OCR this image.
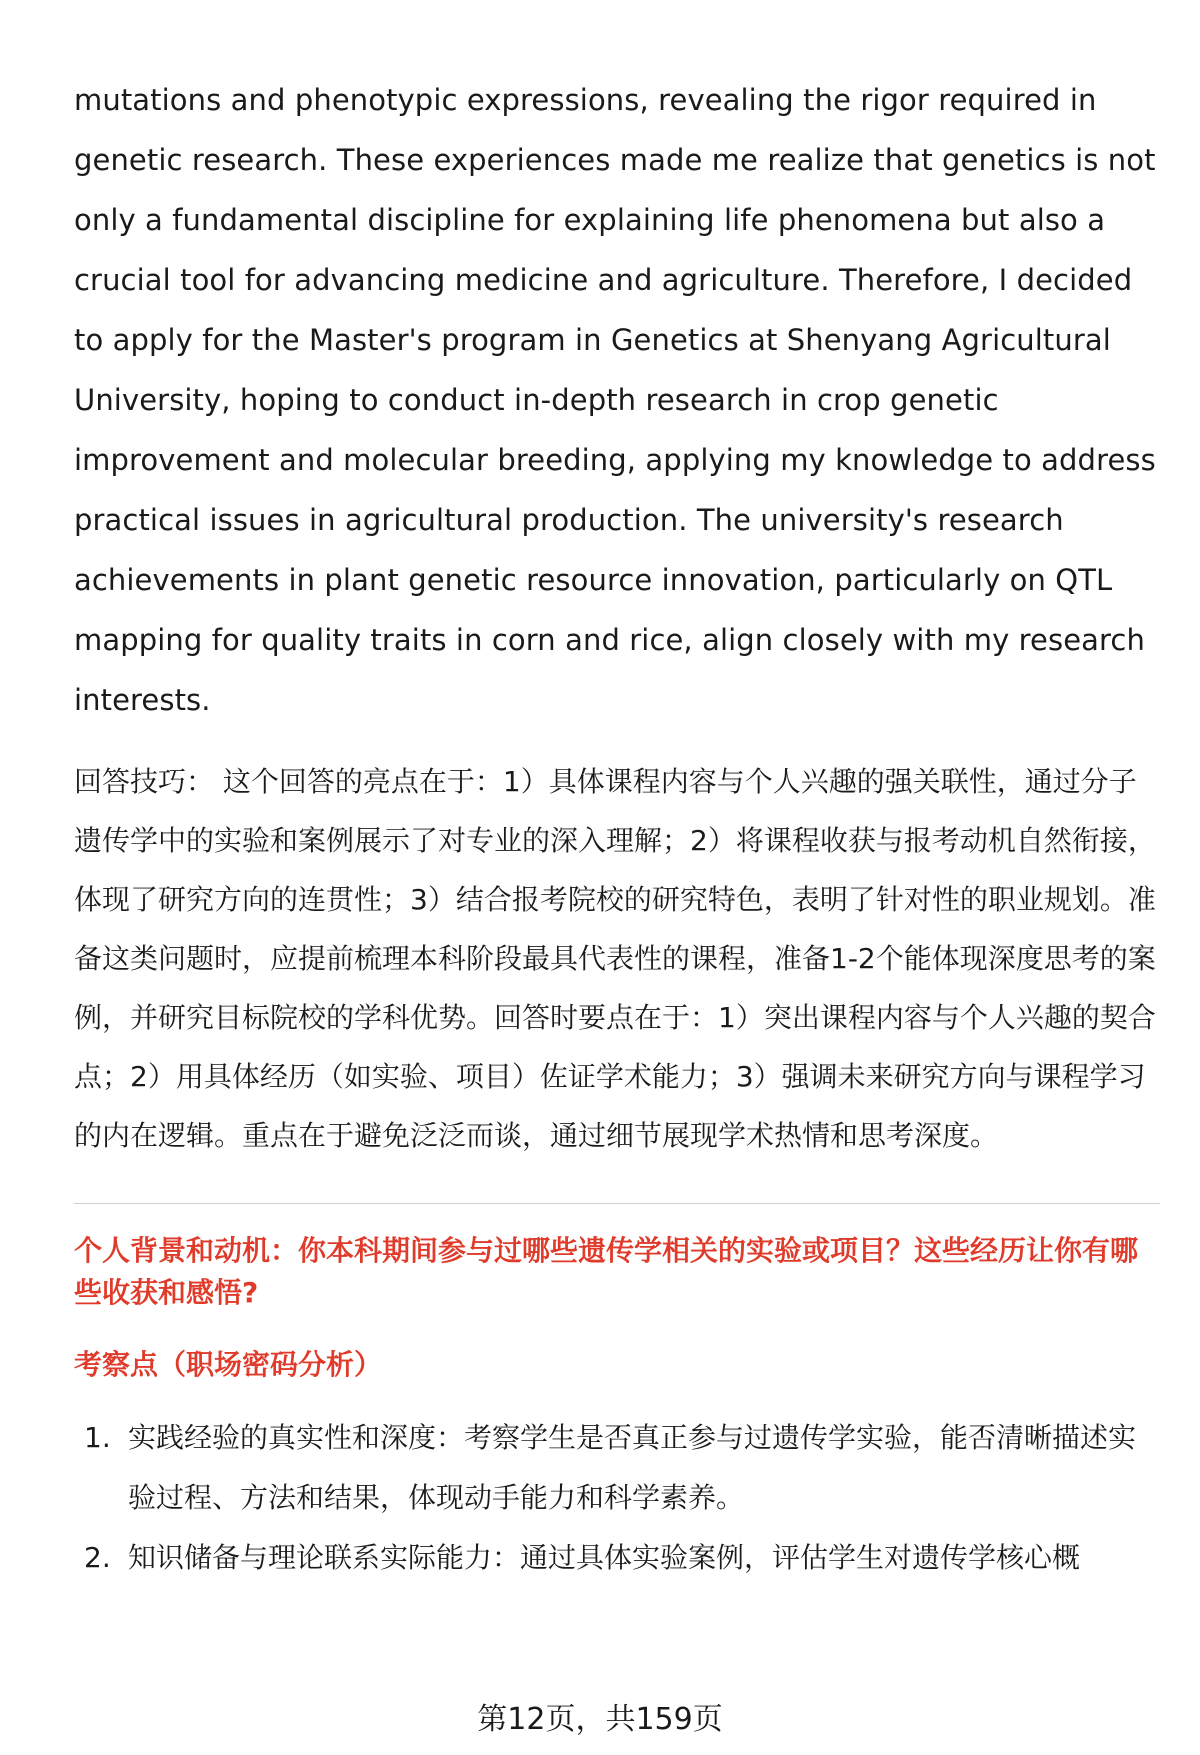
mutations and phenotypic expressions, revealing the rigor required in genetic research. These experiences made me realize that genetics is not only a fundamental discipline for explaining life phenomena but also a crucial tool for advancing medicine and agriculture. Therefore, I decided to apply for the Master's program in Genetics at Shenyang Agricultural University, hoping to conduct in-depth research in crop genetic improvement and molecular breeding, applying my knowledge to address practical issues in agricultural production. The university's research achievements in plant genetic resource innovation, particularly on QTL mapping for quality traits in corn and rice, align closely with my research interests.

回答技巧： 这个回答的亮点在于：1）具体课程内容与个人兴趣的强关联性，通过分子遗传学中的实验和案例展示了对专业的深入理解；2）将课程收获与报考动机自然衔接，体现了研究方向的连贯性；3）结合报考院校的研究特色，表明了针对性的职业规划。准备这类问题时，应提前梳理本科阶段最具代表性的课程，准备1-2个能体现深度思考的案例，并研究目标院校的学科优势。回答时要点在于：1）突出课程内容与个人兴趣的契合点；2）用具体经历（如实验、项目）佐证学术能力；3）强调未来研究方向与课程学习的内在逻辑。重点在于避免泛泛而谈，通过细节展现学术热情和思考深度。

个人背景和动机：你本科期间参与过哪些遗传学相关的实验或项目？这些经历让你有哪些收获和感悟?

考察点（职场密码分析）

1. 实践经验的真实性和深度：考察学生是否真正参与过遗传学实验，能否清晰描述实验过程、方法和结果，体现动手能力和科学素养。
2. 知识储备与理论联系实际能力：通过具体实验案例，评估学生对遗传学核心概
第12页，共159页
